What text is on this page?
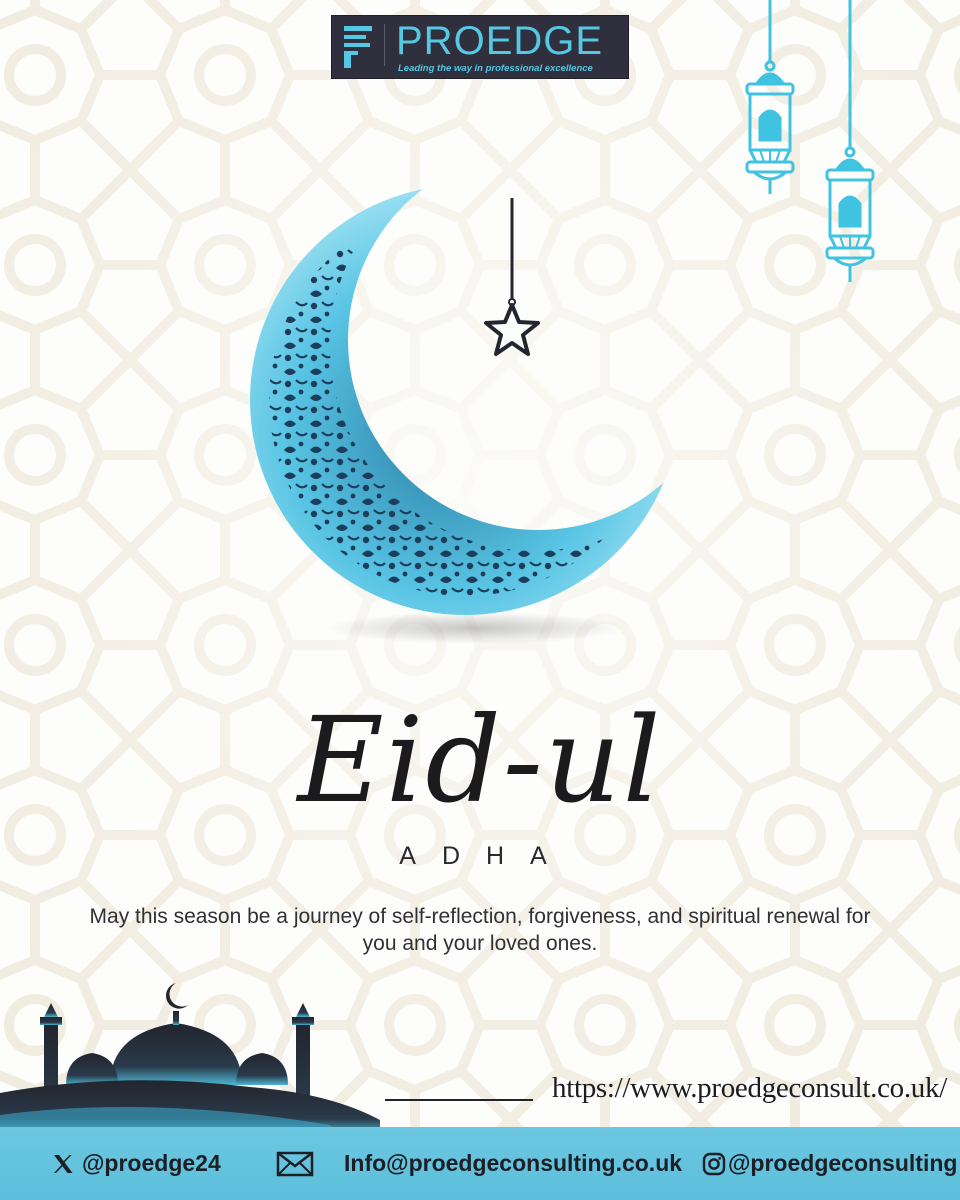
PROEDGE
Leading the way in professional excellence
Eid-ul
ADHA
May this season be a journey of self-reflection, forgiveness, and spiritual renewal for you and your loved ones.
https://www.proedgeconsult.co.uk/
@proedge24	Info@proedgeconsulting.co.uk @proedgeconsulting
